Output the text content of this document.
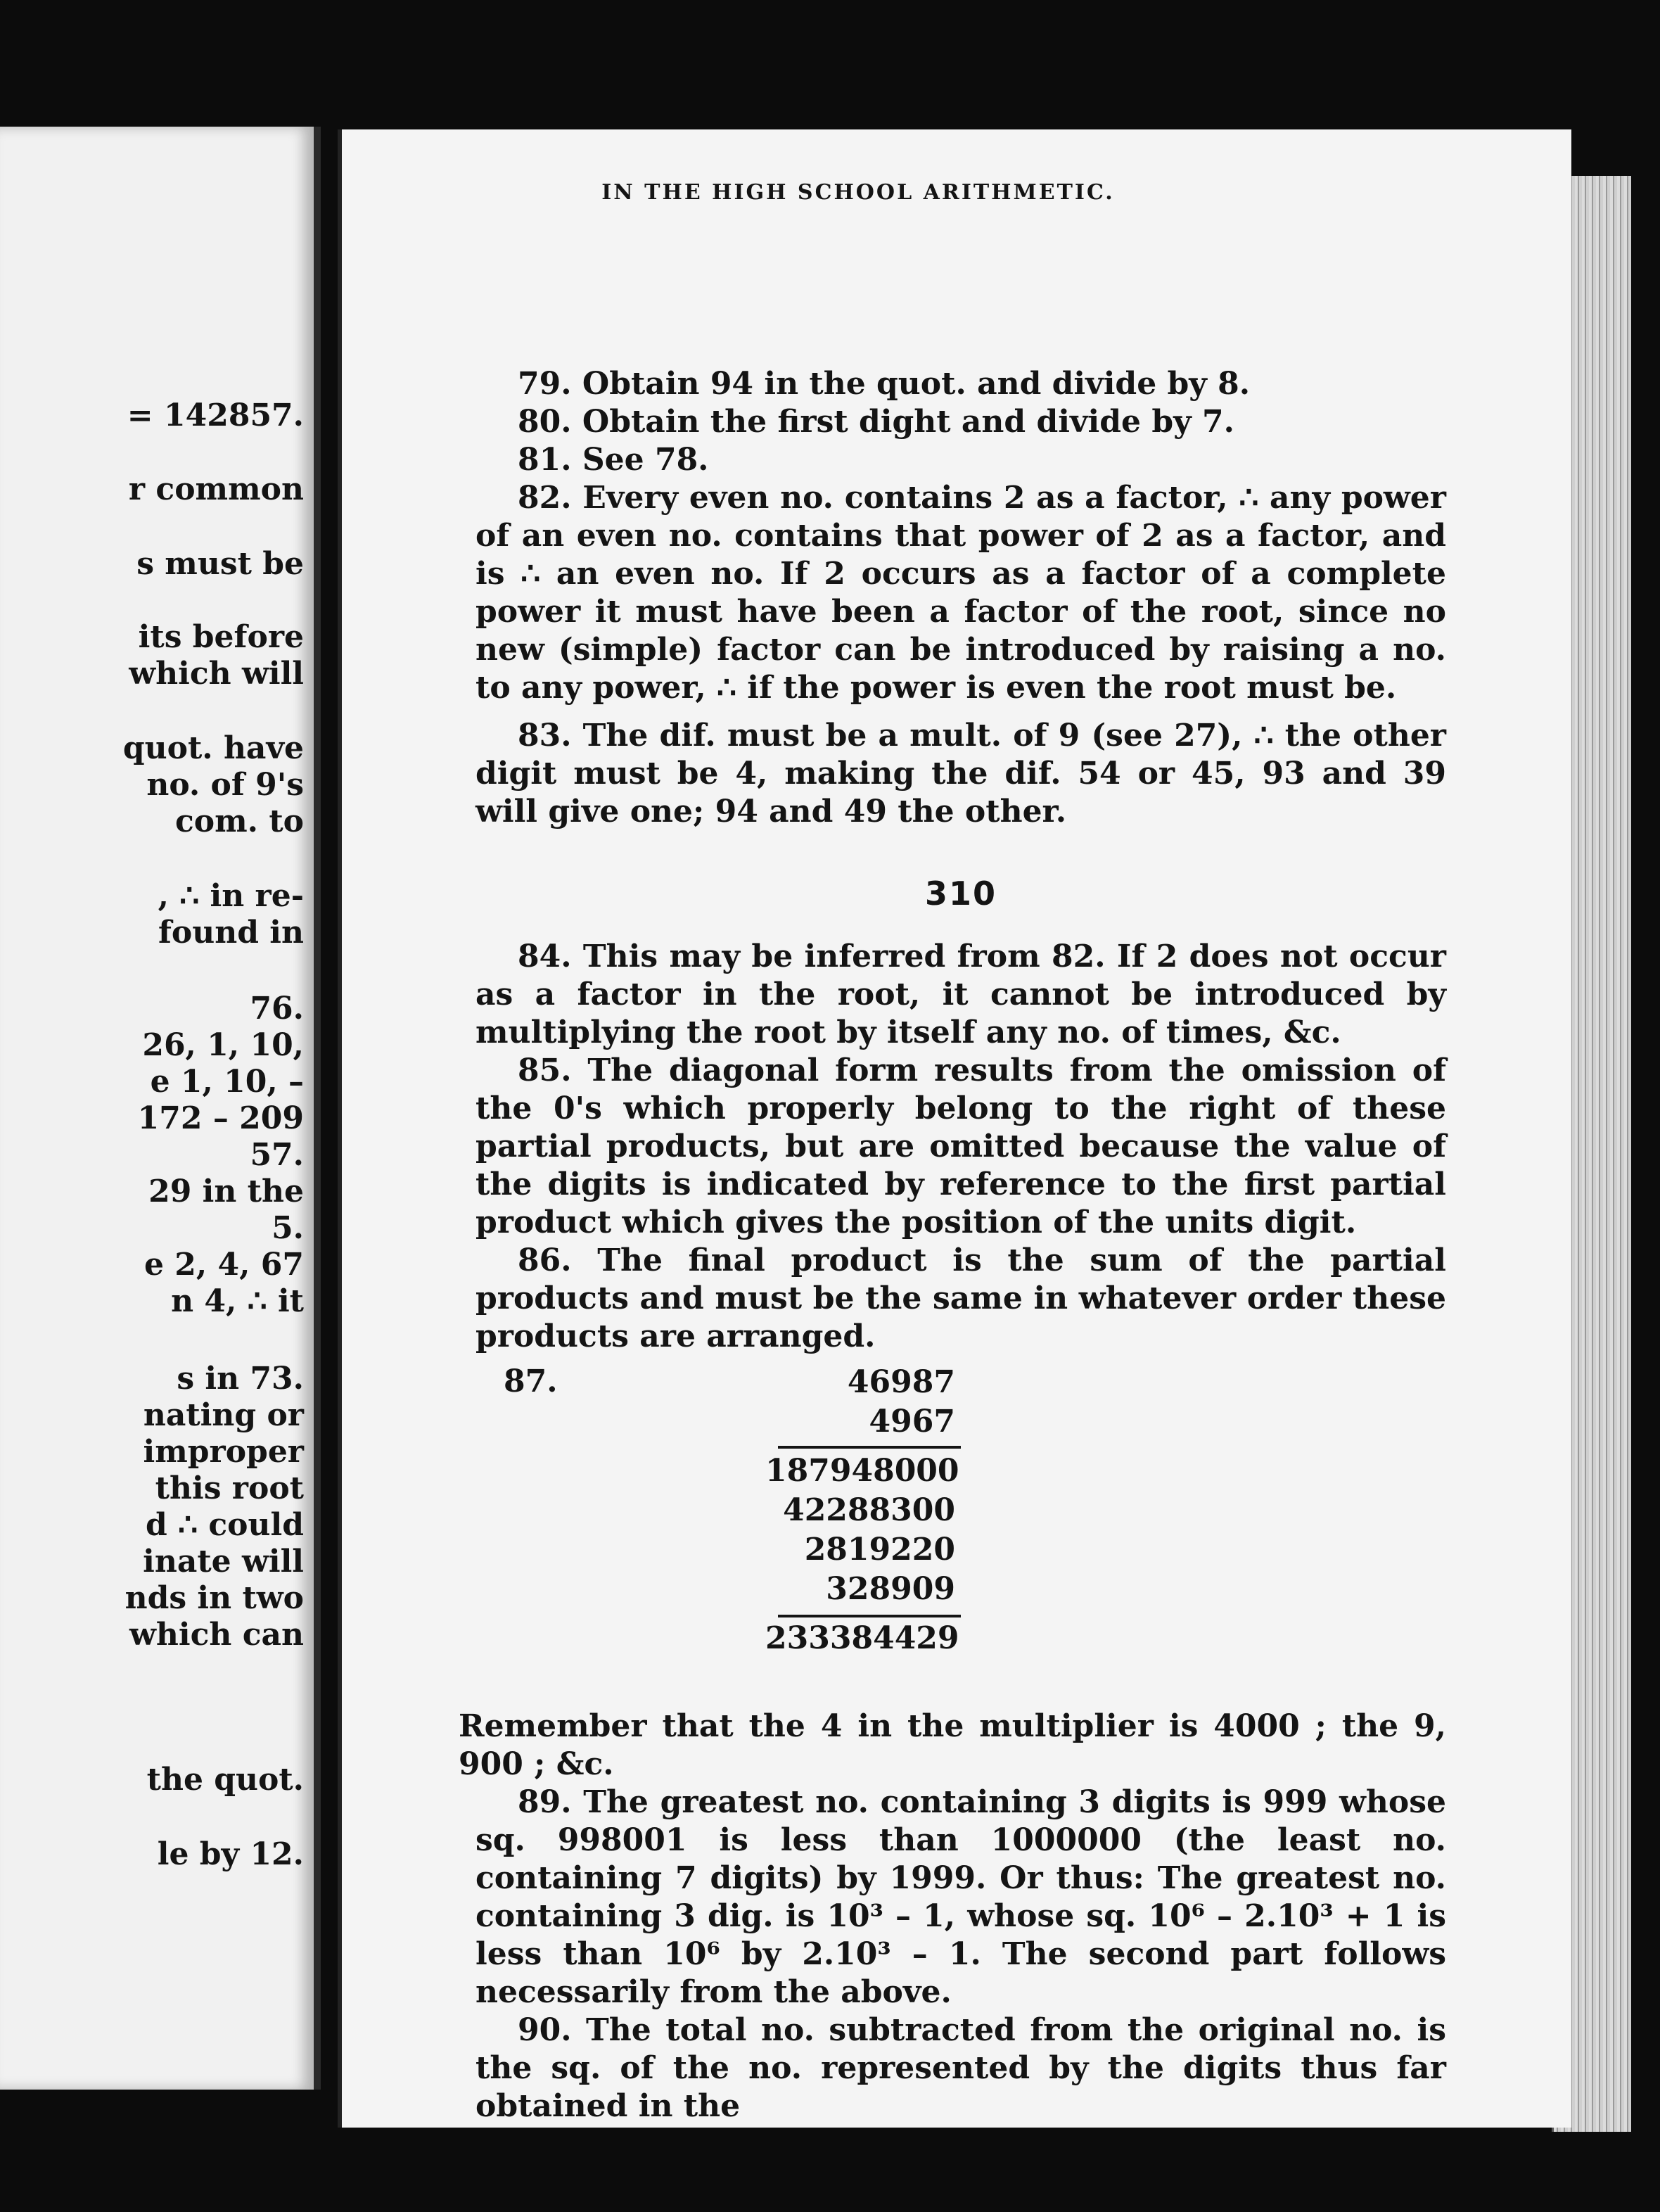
= 142857.
r common
s must be
its before
which will
quot. have
no. of 9's
com. to
, ∴ in re-
found in
76.
26, 1, 10,
e 1, 10, –
172 – 209
57.
29 in the
5.
e 2, 4, 67
n 4, ∴ it
s in 73.
nating or
improper
this root
d ∴ could
inate will
nds in two
which can
the quot.
le by 12.
IN THE HIGH SCHOOL ARITHMETIC.

79. Obtain 94 in the quot. and divide by 8.

80. Obtain the first dight and divide by 7.

81. See 78.

82. Every even no. contains 2 as a factor, ∴ any power of an even no. contains that power of 2 as a factor, and is ∴ an even no. If 2 occurs as a factor of a complete power it must have been a factor of the root, since no new (simple) factor can be introduced by raising a no. to any power, ∴ if the power is even the root must be.

83. The dif. must be a mult. of 9 (see 27), ∴ the other digit must be 4, making the dif. 54 or 45, 93 and 39 will give one; 94 and 49 the other.

310

84. This may be inferred from 82. If 2 does not occur as a factor in the root, it cannot be introduced by multiplying the root by itself any no. of times, &c.

85. The diagonal form results from the omission of the 0's which properly belong to the right of these partial products, but are omitted because the value of the digits is indicated by reference to the first partial product which gives the position of the units digit.

86. The final product is the sum of the partial products and must be the same in whatever order these products are arranged.

87.	46987
4967
187948000
42288300
2819220
328909
233384429

Remember that the 4 in the multiplier is 4000 ; the 9, 900 ; &c.

89. The greatest no. containing 3 digits is 999 whose sq. 998001 is less than 1000000 (the least no. containing 7 digits) by 1999. Or thus: The greatest no. containing 3 dig. is 10³ – 1, whose sq. 10⁶ – 2.10³ + 1 is less than 10⁶ by 2.10³ – 1. The second part follows necessarily from the above.

90. The total no. subtracted from the original no. is the sq. of the no. represented by the digits thus far obtained in the
